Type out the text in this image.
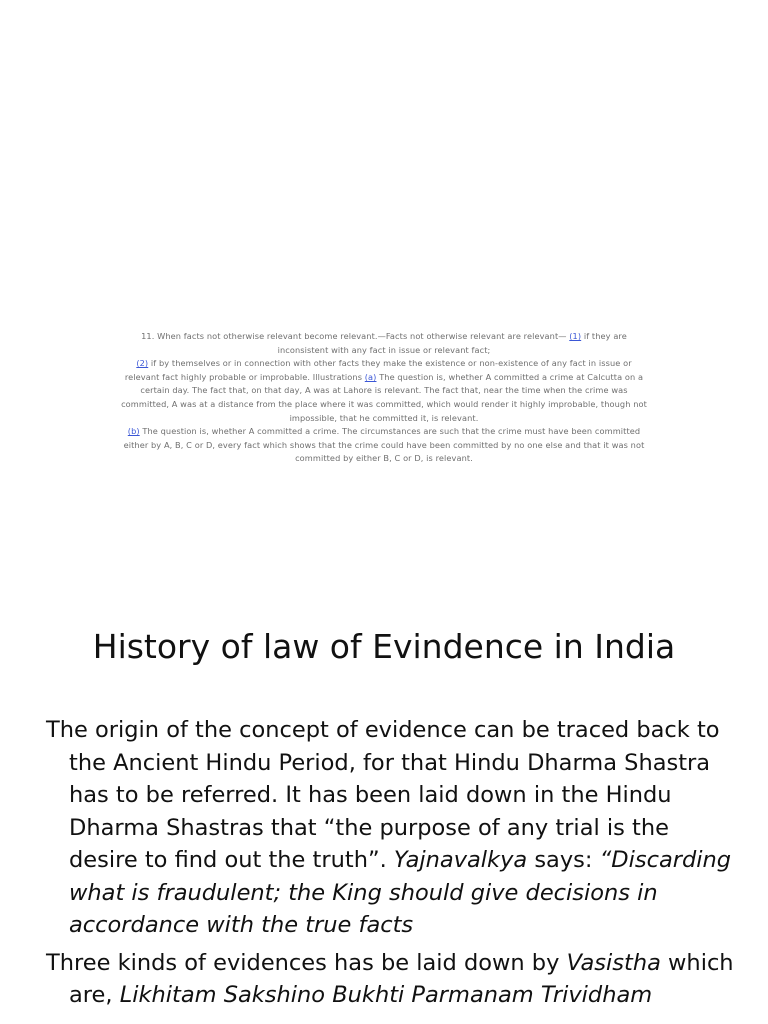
11. When facts not otherwise relevant become relevant.—Facts not otherwise relevant are relevant— (1) if they are inconsistent with any fact in issue or relevant fact;

(2) if by themselves or in connection with other facts they make the existence or non-existence of any fact in issue or relevant fact highly probable or improbable. Illustrations (a) The question is, whether A committed a crime at Calcutta on a certain day. The fact that, on that day, A was at Lahore is relevant. The fact that, near the time when the crime was committed, A was at a distance from the place where it was committed, which would render it highly improbable, though not impossible, that he committed it, is relevant.

(b) The question is, whether A committed a crime. The circumstances are such that the crime must have been committed either by A, B, C or D, every fact which shows that the crime could have been committed by no one else and that it was not committed by either B, C or D, is relevant.

History of law of Evindence in India

The origin of the concept of evidence can be traced back to the Ancient Hindu Period, for that Hindu Dharma Shastra has to be referred. It has been laid down in the Hindu Dharma Shastras that “the purpose of any trial is the desire to find out the truth”. Yajnavalkya says: “Discarding what is fraudulent; the King should give decisions in accordance with the true facts

Three kinds of evidences has be laid down by Vasistha which are, Likhitam Sakshino Bukhti Parmanam Trividham
